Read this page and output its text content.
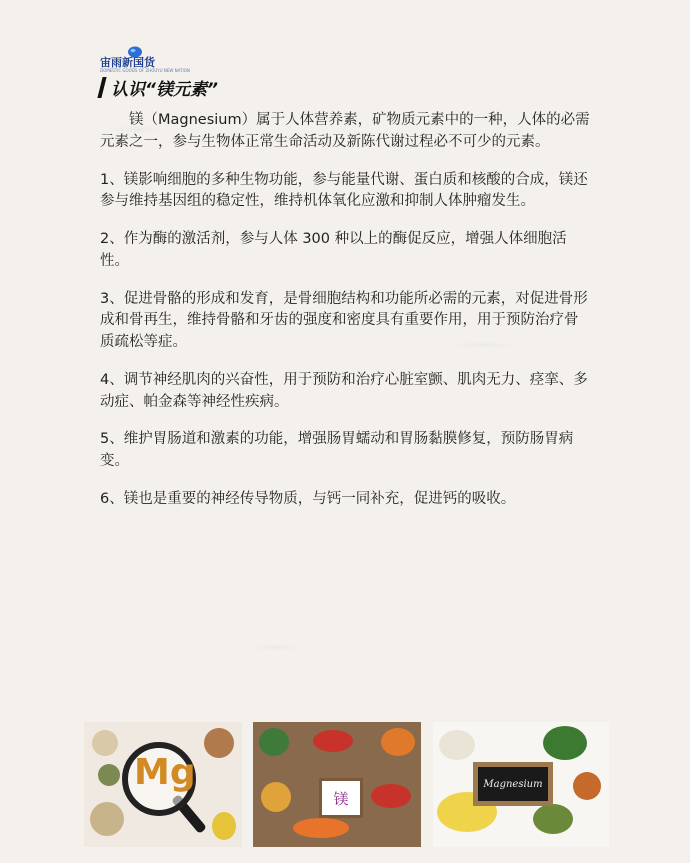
宙雨新国货
DOMESTIC GOODS OF ZHOUYU NEW NATION
认识“镁元素”

镁（Magnesium）属于人体营养素，矿物质元素中的一种，人体的必需元素之一，参与生物体正常生命活动及新陈代谢过程必不可少的元素。

1、镁影响细胞的多种生物功能，参与能量代谢、蛋白质和核酸的合成，镁还参与维持基因组的稳定性，维持机体氧化应激和抑制人体肿瘤发生。

2、作为酶的激活剂，参与人体 300 种以上的酶促反应，增强人体细胞活性。

3、促进骨骼的形成和发育，是骨细胞结构和功能所必需的元素，对促进骨形成和骨再生，维持骨骼和牙齿的强度和密度具有重要作用，用于预防治疗骨质疏松等症。

4、调节神经肌肉的兴奋性，用于预防和治疗心脏室颤、肌肉无力、痉挛、多动症、帕金森等神经性疾病。

5、维护胃肠道和激素的功能，增强肠胃蠕动和胃肠黏膜修复，预防肠胃病变。

6、镁也是重要的神经传导物质，与钙一同补充，促进钙的吸收。

Mg
镁
Magnesium
